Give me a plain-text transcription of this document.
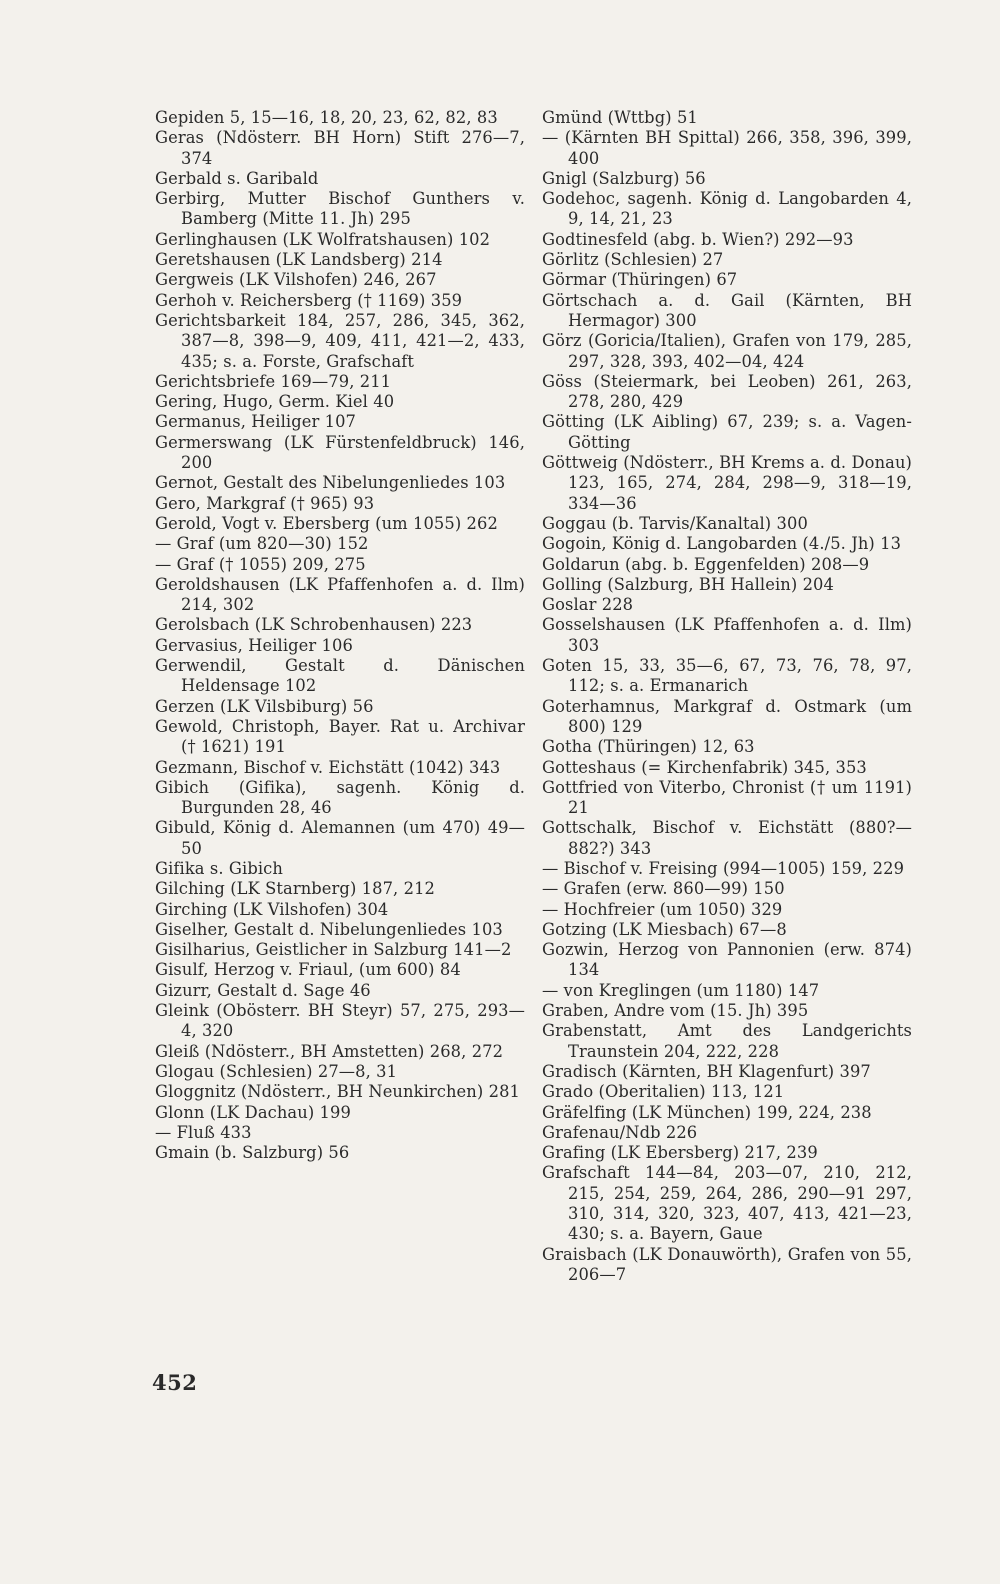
Gepiden 5, 15—16, 18, 20, 23, 62, 82, 83

Geras (Ndösterr. BH Horn) Stift 276—7, 374

Gerbald s. Garibald

Gerbirg, Mutter Bischof Gunthers v. Bamberg (Mitte 11. Jh) 295

Gerlinghausen (LK Wolfratshausen) 102

Geretshausen (LK Landsberg) 214

Gergweis (LK Vilshofen) 246, 267

Gerhoh v. Reichersberg († 1169) 359

Gerichtsbarkeit 184, 257, 286, 345, 362, 387—8, 398—9, 409, 411, 421—2, 433, 435; s. a. Forste, Grafschaft

Gerichtsbriefe 169—79, 211

Gering, Hugo, Germ. Kiel 40

Germanus, Heiliger 107

Germerswang (LK Fürstenfeldbruck) 146, 200

Gernot, Gestalt des Nibelungenliedes 103

Gero, Markgraf († 965) 93

Gerold, Vogt v. Ebersberg (um 1055) 262

— Graf (um 820—30) 152

— Graf († 1055) 209, 275

Geroldshausen (LK Pfaffenhofen a. d. Ilm) 214, 302

Gerolsbach (LK Schrobenhausen) 223

Gervasius, Heiliger 106

Gerwendil, Gestalt d. Dänischen Heldensage 102

Gerzen (LK Vilsbiburg) 56

Gewold, Christoph, Bayer. Rat u. Archivar († 1621) 191

Gezmann, Bischof v. Eichstätt (1042) 343

Gibich (Gifika), sagenh. König d. Burgunden 28, 46

Gibuld, König d. Alemannen (um 470) 49—50

Gifika s. Gibich

Gilching (LK Starnberg) 187, 212

Girching (LK Vilshofen) 304

Giselher, Gestalt d. Nibelungenliedes 103

Gisilharius, Geistlicher in Salzburg 141—2

Gisulf, Herzog v. Friaul, (um 600) 84

Gizurr, Gestalt d. Sage 46

Gleink (Obösterr. BH Steyr) 57, 275, 293—4, 320

Gleiß (Ndösterr., BH Amstetten) 268, 272

Glogau (Schlesien) 27—8, 31

Gloggnitz (Ndösterr., BH Neunkirchen) 281

Glonn (LK Dachau) 199

— Fluß 433

Gmain (b. Salzburg) 56

Gmünd (Wttbg) 51

— (Kärnten BH Spittal) 266, 358, 396, 399, 400

Gnigl (Salzburg) 56

Godehoc, sagenh. König d. Langobarden 4, 9, 14, 21, 23

Godtinesfeld (abg. b. Wien?) 292—93

Görlitz (Schlesien) 27

Görmar (Thüringen) 67

Görtschach a. d. Gail (Kärnten, BH Hermagor) 300

Görz (Goricia/Italien), Grafen von 179, 285, 297, 328, 393, 402—04, 424

Göss (Steiermark, bei Leoben) 261, 263, 278, 280, 429

Götting (LK Aibling) 67, 239; s. a. Vagen-Götting

Göttweig (Ndösterr., BH Krems a. d. Donau) 123, 165, 274, 284, 298—9, 318—19, 334—36

Goggau (b. Tarvis/Kanaltal) 300

Gogoin, König d. Langobarden (4./5. Jh) 13

Goldarun (abg. b. Eggenfelden) 208—9

Golling (Salzburg, BH Hallein) 204

Goslar 228

Gosselshausen (LK Pfaffenhofen a. d. Ilm) 303

Goten 15, 33, 35—6, 67, 73, 76, 78, 97, 112; s. a. Ermanarich

Goterhamnus, Markgraf d. Ostmark (um 800) 129

Gotha (Thüringen) 12, 63

Gotteshaus (= Kirchenfabrik) 345, 353

Gottfried von Viterbo, Chronist († um 1191) 21

Gottschalk, Bischof v. Eichstätt (880?—882?) 343

— Bischof v. Freising (994—1005) 159, 229

— Grafen (erw. 860—99) 150

— Hochfreier (um 1050) 329

Gotzing (LK Miesbach) 67—8

Gozwin, Herzog von Pannonien (erw. 874) 134

— von Kreglingen (um 1180) 147

Graben, Andre vom (15. Jh) 395

Grabenstatt, Amt des Landgerichts Traunstein 204, 222, 228

Gradisch (Kärnten, BH Klagenfurt) 397

Grado (Oberitalien) 113, 121

Gräfelfing (LK München) 199, 224, 238

Grafenau/Ndb 226

Grafing (LK Ebersberg) 217, 239

Grafschaft 144—84, 203—07, 210, 212, 215, 254, 259, 264, 286, 290—91 297, 310, 314, 320, 323, 407, 413, 421—23, 430; s. a. Bayern, Gaue

Graisbach (LK Donauwörth), Grafen von 55, 206—7

452
